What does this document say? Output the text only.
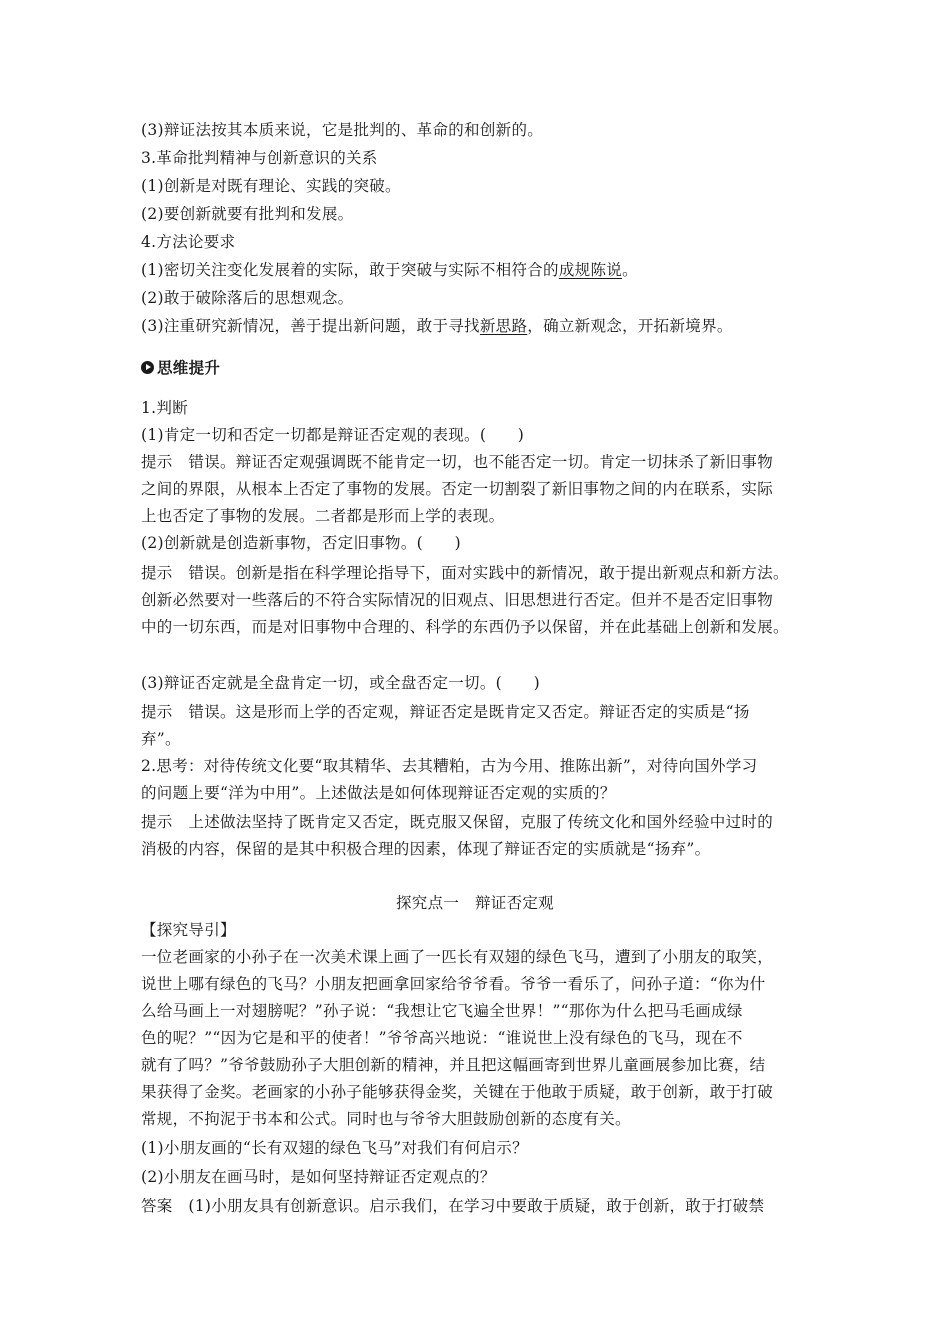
(3)辩证法按其本质来说，它是批判的、革命的和创新的。
3.革命批判精神与创新意识的关系
(1)创新是对既有理论、实践的突破。
(2)要创新就要有批判和发展。
4.方法论要求
(1)密切关注变化发展着的实际，敢于突破与实际不相符合的成规陈说。
(2)敢于破除落后的思想观念。
(3)注重研究新情况，善于提出新问题，敢于寻找新思路，确立新观念，开拓新境界。
思维提升
1.判断
(1)肯定一切和否定一切都是辩证否定观的表现。(　　)
提示　错误。辩证否定观强调既不能肯定一切，也不能否定一切。肯定一切抹杀了新旧事物
之间的界限，从根本上否定了事物的发展。否定一切割裂了新旧事物之间的内在联系，实际
上也否定了事物的发展。二者都是形而上学的表现。
(2)创新就是创造新事物，否定旧事物。(　　)
提示　错误。创新是指在科学理论指导下，面对实践中的新情况，敢于提出新观点和新方法。
创新必然要对一些落后的不符合实际情况的旧观点、旧思想进行否定。但并不是否定旧事物
中的一切东西，而是对旧事物中合理的、科学的东西仍予以保留，并在此基础上创新和发展。
(3)辩证否定就是全盘肯定一切，或全盘否定一切。(　　)
提示　错误。这是形而上学的否定观，辩证否定是既肯定又否定。辩证否定的实质是“扬
弃”。
2.思考：对待传统文化要“取其精华、去其糟粕，古为今用、推陈出新”，对待向国外学习
的问题上要“洋为中用”。上述做法是如何体现辩证否定观的实质的？
提示　上述做法坚持了既肯定又否定，既克服又保留，克服了传统文化和国外经验中过时的
消极的内容，保留的是其中积极合理的因素，体现了辩证否定的实质就是“扬弃”。
探究点一　辩证否定观
【探究导引】
一位老画家的小孙子在一次美术课上画了一匹长有双翅的绿色飞马，遭到了小朋友的取笑，
说世上哪有绿色的飞马？小朋友把画拿回家给爷爷看。爷爷一看乐了，问孙子道：“你为什
么给马画上一对翅膀呢？”孙子说：“我想让它飞遍全世界！”“那你为什么把马毛画成绿
色的呢？”“因为它是和平的使者！”爷爷高兴地说：“谁说世上没有绿色的飞马，现在不
就有了吗？”爷爷鼓励孙子大胆创新的精神，并且把这幅画寄到世界儿童画展参加比赛，结
果获得了金奖。老画家的小孙子能够获得金奖，关键在于他敢于质疑，敢于创新，敢于打破
常规，不拘泥于书本和公式。同时也与爷爷大胆鼓励创新的态度有关。
(1)小朋友画的“长有双翅的绿色飞马”对我们有何启示？
(2)小朋友在画马时，是如何坚持辩证否定观点的？
答案　(1)小朋友具有创新意识。启示我们，在学习中要敢于质疑，敢于创新，敢于打破禁
